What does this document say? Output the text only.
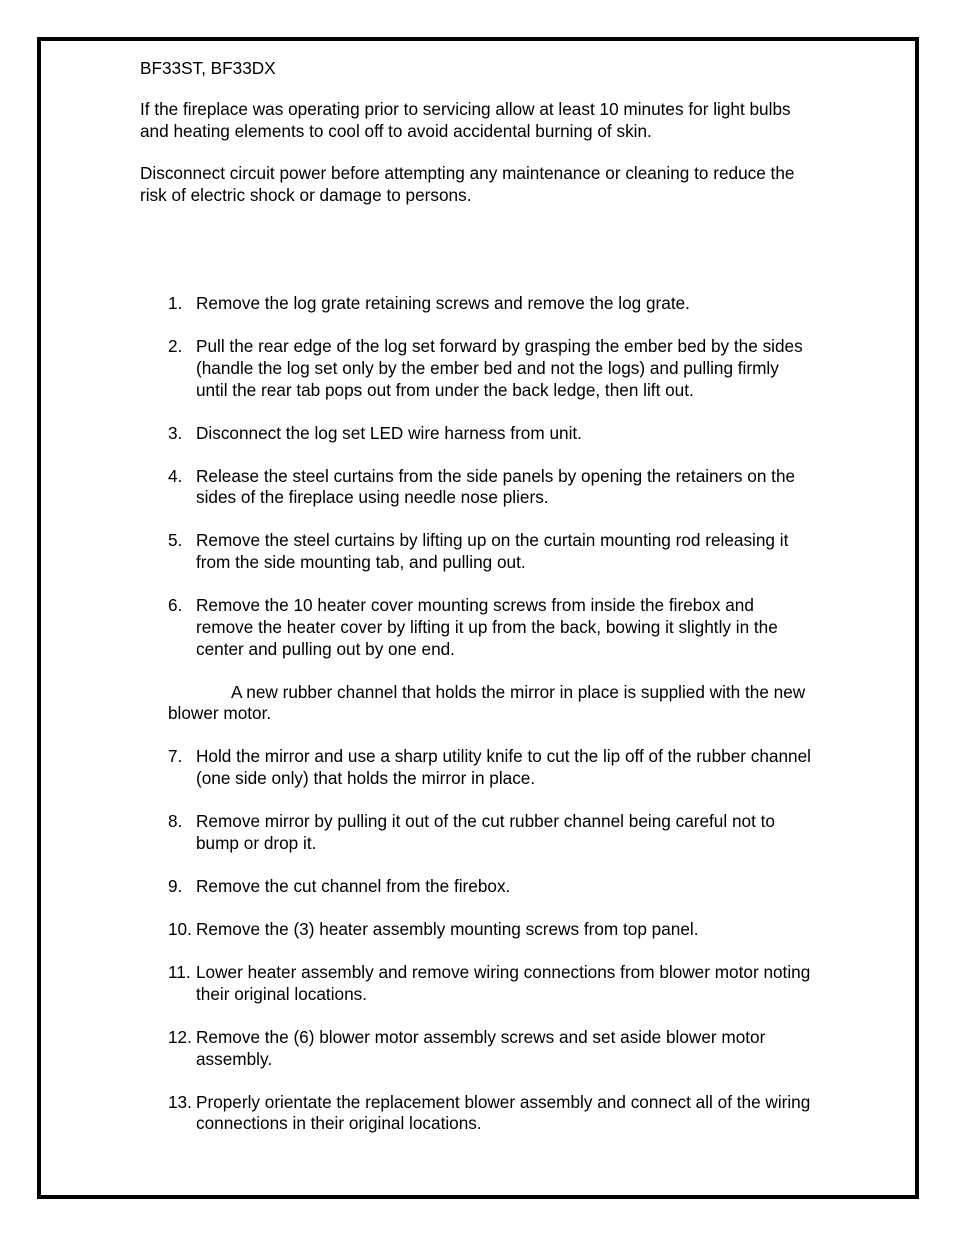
BF33ST, BF33DX
If the fireplace was operating prior to servicing allow at least 10 minutes for light bulbs
and heating elements to cool off to avoid accidental burning of skin.
Disconnect circuit power before attempting any maintenance or cleaning to reduce the
risk of electric shock or damage to persons.
1. Remove the log grate retaining screws and remove the log grate.
2. Pull the rear edge of the log set forward by grasping the ember bed by the sides
(handle the log set only by the ember bed and not the logs) and pulling firmly
until the rear tab pops out from under the back ledge, then lift out.
3. Disconnect the log set LED wire harness from unit.
4. Release the steel curtains from the side panels by opening the retainers on the
sides of the fireplace using needle nose pliers.
5. Remove the steel curtains by lifting up on the curtain mounting rod releasing it
from the side mounting tab, and pulling out.
6. Remove the 10 heater cover mounting screws from inside the firebox and
remove the heater cover by lifting it up from the back, bowing it slightly in the
center and pulling out by one end.
A new rubber channel that holds the mirror in place is supplied with the new
blower motor.
7. Hold the mirror and use a sharp utility knife to cut the lip off of the rubber channel
(one side only) that holds the mirror in place.
8. Remove mirror by pulling it out of the cut rubber channel being careful not to
bump or drop it.
9. Remove the cut channel from the firebox.
10. Remove the (3) heater assembly mounting screws from top panel.
11. Lower heater assembly and remove wiring connections from blower motor noting
their original locations.
12. Remove the (6) blower motor assembly screws and set aside blower motor
assembly.
13. Properly orientate the replacement blower assembly and connect all of the wiring
connections in their original locations.
